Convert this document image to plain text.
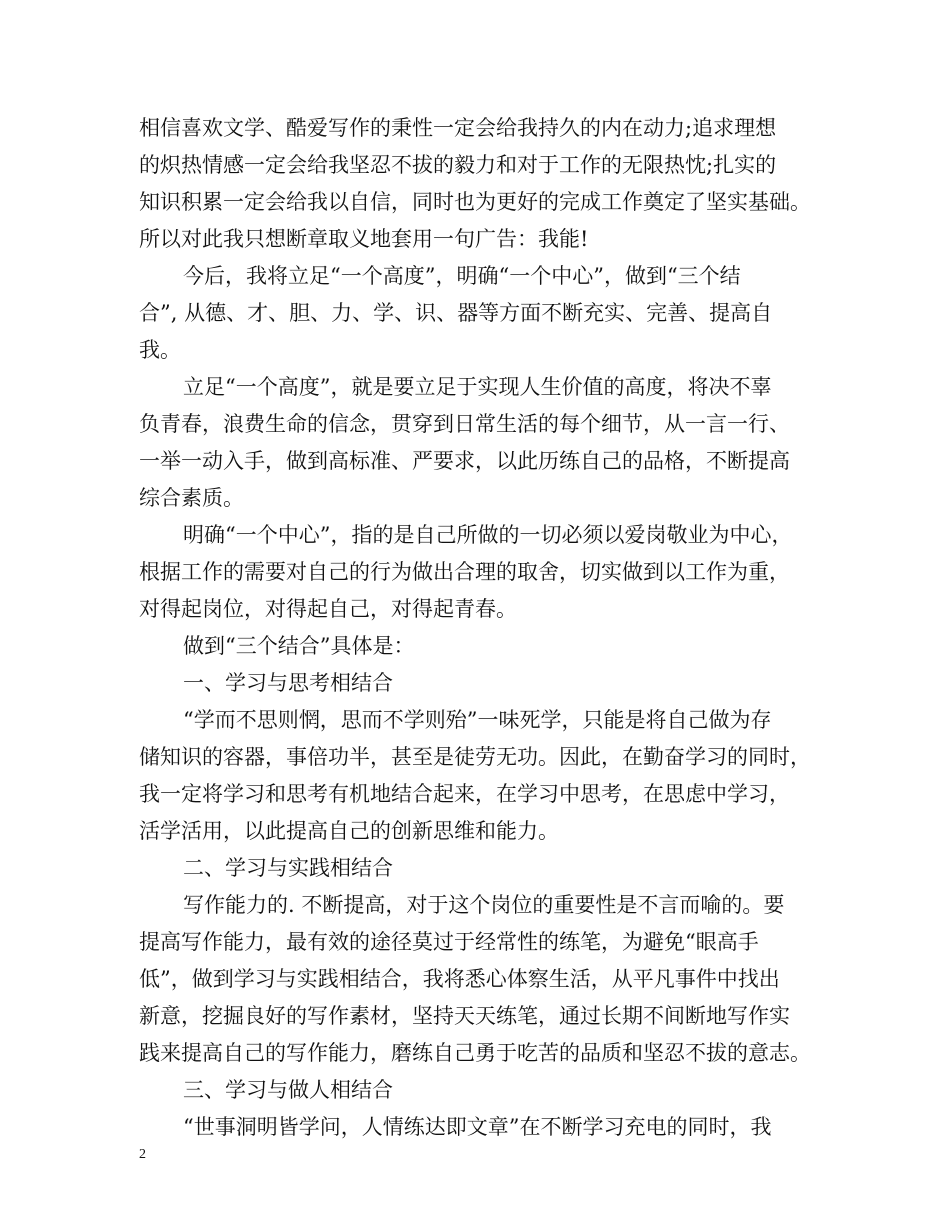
相信喜欢文学、酷爱写作的秉性一定会给我持久的内在动力;追求理想
的炽热情感一定会给我坚忍不拔的毅力和对于工作的无限热忱;扎实的
知识积累一定会给我以自信，同时也为更好的完成工作奠定了坚实基础。
所以对此我只想断章取义地套用一句广告：我能!
今后，我将立足“一个高度”，明确“一个中心”，做到“三个结
合”, 从德、才、胆、力、学、识、器等方面不断充实、完善、提高自
我。
立足“一个高度”，就是要立足于实现人生价值的高度，将决不辜
负青春，浪费生命的信念，贯穿到日常生活的每个细节，从一言一行、
一举一动入手，做到高标准、严要求，以此历练自己的品格，不断提高
综合素质。
明确“一个中心”，指的是自己所做的一切必须以爱岗敬业为中心，
根据工作的需要对自己的行为做出合理的取舍，切实做到以工作为重，
对得起岗位，对得起自己，对得起青春。
做到“三个结合”具体是：
一、学习与思考相结合
“学而不思则惘，思而不学则殆”一味死学，只能是将自己做为存
储知识的容器，事倍功半，甚至是徒劳无功。因此，在勤奋学习的同时，
我一定将学习和思考有机地结合起来，在学习中思考，在思虑中学习，
活学活用，以此提高自己的创新思维和能力。
二、学习与实践相结合
写作能力的. 不断提高，对于这个岗位的重要性是不言而喻的。要
提高写作能力，最有效的途径莫过于经常性的练笔，为避免“眼高手
低”，做到学习与实践相结合，我将悉心体察生活，从平凡事件中找出
新意，挖掘良好的写作素材，坚持天天练笔，通过长期不间断地写作实
践来提高自己的写作能力，磨练自己勇于吃苦的品质和坚忍不拔的意志。
三、学习与做人相结合
“世事洞明皆学问，人情练达即文章”在不断学习充电的同时，我
2
